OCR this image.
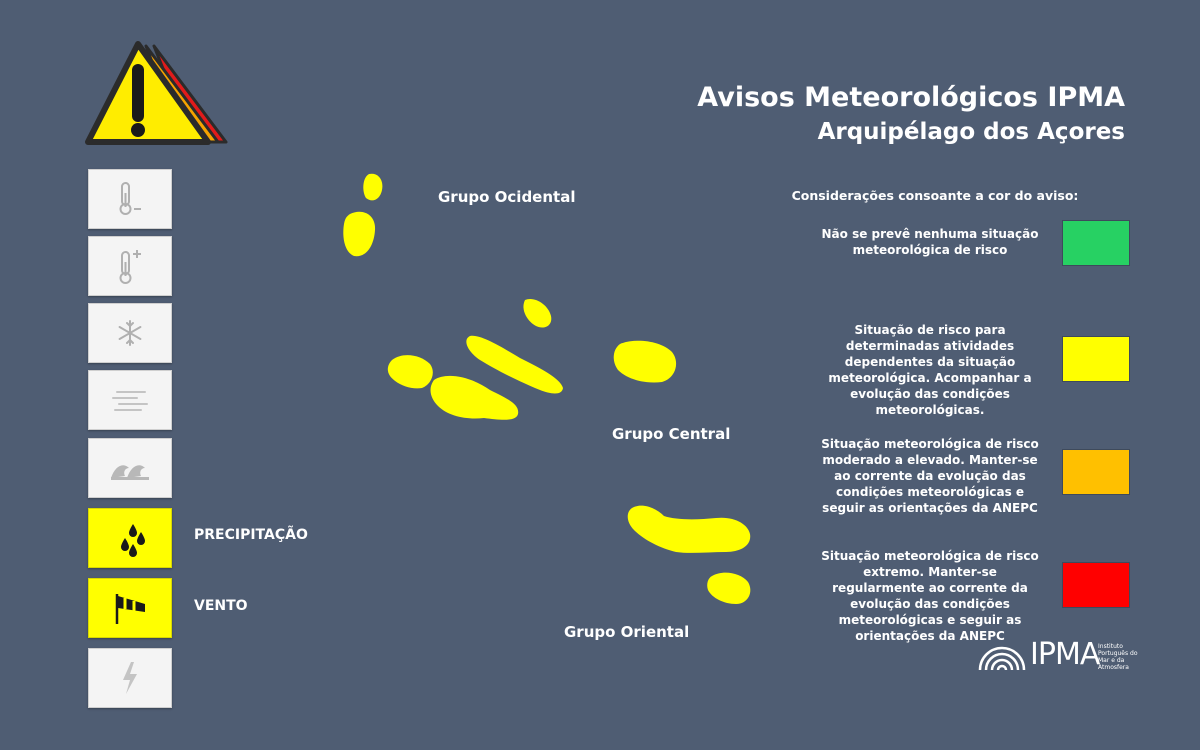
PRECIPITAÇÃO
VENTO
Avisos Meteorológicos IPMA
Arquipélago dos Açores
Grupo Ocidental
Grupo Central
Grupo Oriental
Considerações consoante a cor do aviso:
Não se prevê nenhuma situação meteorológica de risco
Situação de risco para determinadas atividades dependentes da situação meteorológica. Acompanhar a evolução das condições meteorológicas.
Situação meteorológica de risco moderado a elevado. Manter-se ao corrente da evolução das condições meteorológicas e seguir as orientações da ANEPC
Situação meteorológica de risco extremo. Manter-se regularmente ao corrente da evolução das condições meteorológicas e seguir as orientações da ANEPC
IPMA
Instituto Português do Mar e da Atmosfera
